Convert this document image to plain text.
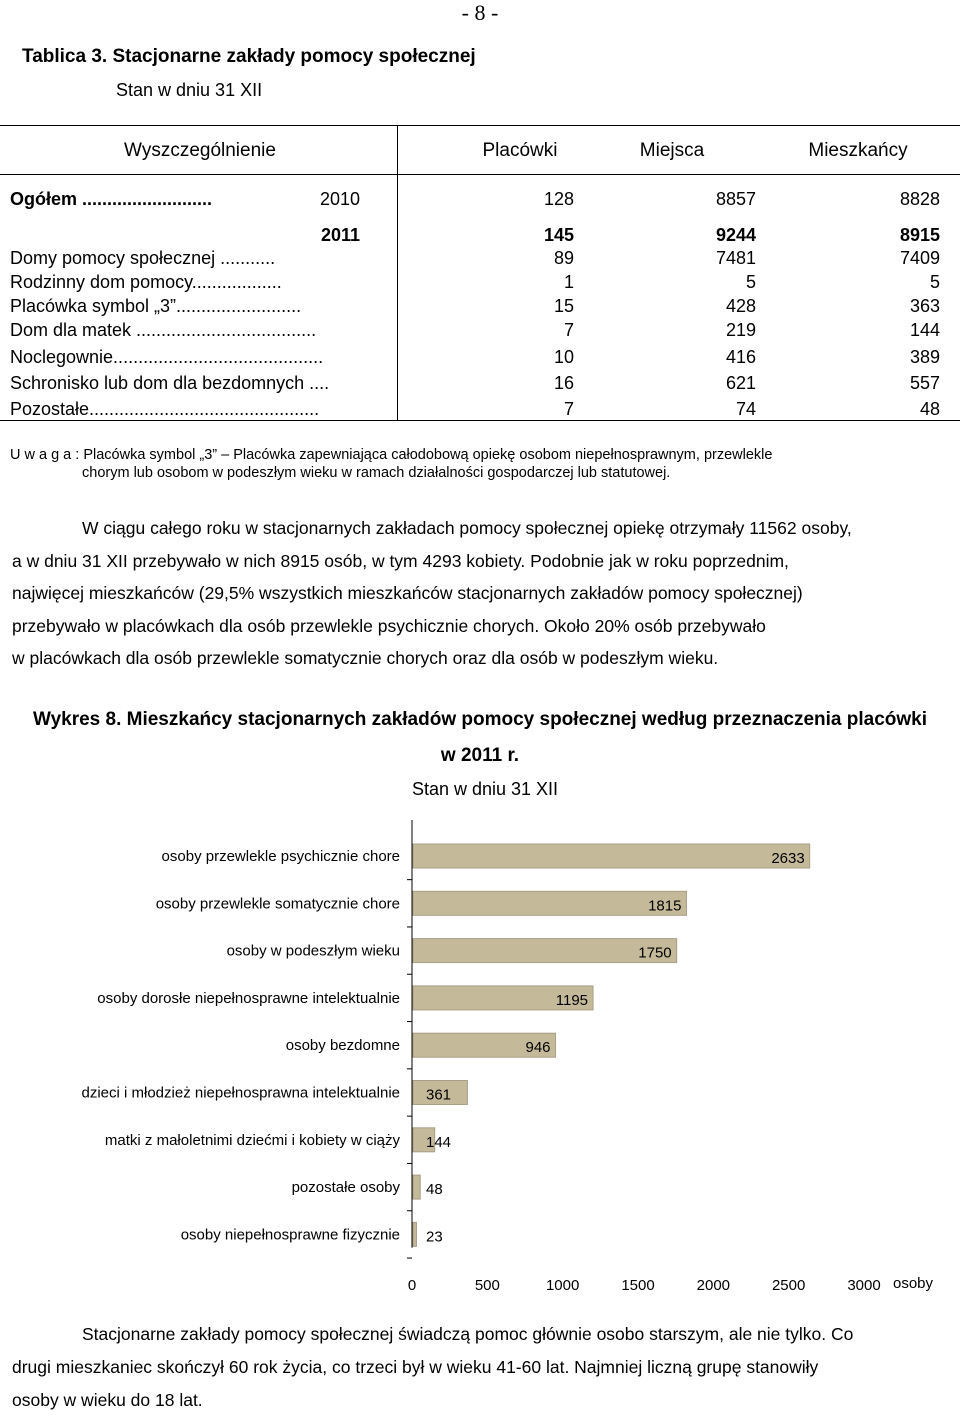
- 8 -
Tablica 3. Stacjonarne zakłady pomocy społecznej
Stan w dniu 31 XII
Wyszczególnienie	Placówki	Miejsca	Mieszkańcy
Ogółem ..........................	2010	128	8857	8828
2011	145	9244	8915
Domy pomocy społecznej ...........	89	7481	7409
Rodzinny dom pomocy..................	1	5	5
Placówka symbol „3”.........................	15	428	363
Dom dla matek ....................................	7	219	144
Noclegownie..........................................	10	416	389
Schronisko lub dom dla bezdomnych ....	16	621	557
Pozostałe..............................................	7	74	48
U w a g a : Placówka symbol „3” – Placówka zapewniająca całodobową opiekę osobom niepełnosprawnym, przewlekle
chorym lub osobom w podeszłym wieku w ramach działalności gospodarczej lub statutowej.

W ciągu całego roku w stacjonarnych zakładach pomocy społecznej opiekę otrzymały 11562 osoby,

a w dniu 31 XII przebywało w nich 8915 osób, w tym 4293 kobiety. Podobnie jak w roku poprzednim,

najwięcej mieszkańców (29,5% wszystkich mieszkańców stacjonarnych zakładów pomocy społecznej)

przebywało w placówkach dla osób przewlekle psychicznie chorych. Około 20% osób przebywało

w placówkach dla osób przewlekle somatycznie chorych oraz dla osób w podeszłym wieku.

Wykres 8. Mieszkańcy stacjonarnych zakładów pomocy społecznej według przeznaczenia placówki
w 2011 r.
Stan w dniu 31 XII
osoby przewlekle psychicznie chore	2633
osoby przewlekle somatycznie chore	1815
osoby w podeszłym wieku	1750
osoby dorosłe niepełnosprawne intelektualnie	1195
osoby bezdomne	946
dzieci i młodzież niepełnosprawna intelektualnie 361
matki z małoletnimi dziećmi i kobiety w ciąży 144
pozostałe osoby 48
osoby niepełnosprawne fizycznie 23
0	500	1000	1500	2000	2500	3000 osoby

Stacjonarne zakłady pomocy społecznej świadczą pomoc głównie osobo starszym, ale nie tylko. Co

drugi mieszkaniec skończył 60 rok życia, co trzeci był w wieku 41-60 lat. Najmniej liczną grupę stanowiły

osoby w wieku do 18 lat.
